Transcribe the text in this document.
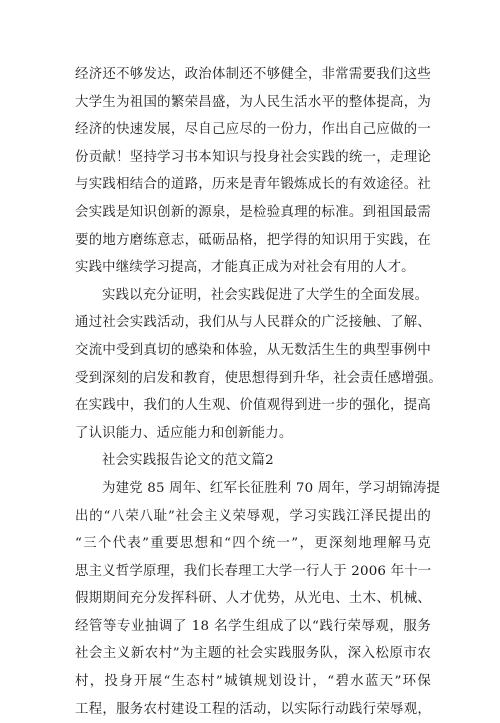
经济还不够发达，政治体制还不够健全，非常需要我们这些
大学生为祖国的繁荣昌盛，为人民生活水平的整体提高，为
经济的快速发展，尽自己应尽的一份力，作出自己应做的一
份贡献！坚持学习书本知识与投身社会实践的统一，走理论
与实践相结合的道路，历来是青年锻炼成长的有效途径。社
会实践是知识创新的源泉，是检验真理的标准。到祖国最需
要的地方磨练意志，砥砺品格，把学得的知识用于实践，在
实践中继续学习提高，才能真正成为对社会有用的人才。
实践以充分证明，社会实践促进了大学生的全面发展。
通过社会实践活动，我们从与人民群众的广泛接触、了解、
交流中受到真切的感染和体验，从无数活生生的典型事例中
受到深刻的启发和教育，使思想得到升华，社会责任感增强。
在实践中，我们的人生观、价值观得到进一步的强化，提高
了认识能力、适应能力和创新能力。
社会实践报告论文的范文篇2
为建党 85 周年、红军长征胜利 70 周年，学习胡锦涛提
出的“八荣八耻”社会主义荣辱观，学习实践江泽民提出的
“三个代表”重要思想和“四个统一”，更深刻地理解马克
思主义哲学原理，我们长春理工大学一行人于 2006 年十一
假期期间充分发挥科研、人才优势，从光电、土木、机械、
经管等专业抽调了 18 名学生组成了以“践行荣辱观，服务
社会主义新农村”为主题的社会实践服务队，深入松原市农
村，投身开展“生态村”城镇规划设计，“碧水蓝天”环保
工程，服务农村建设工程的活动，以实际行动践行荣辱观，
